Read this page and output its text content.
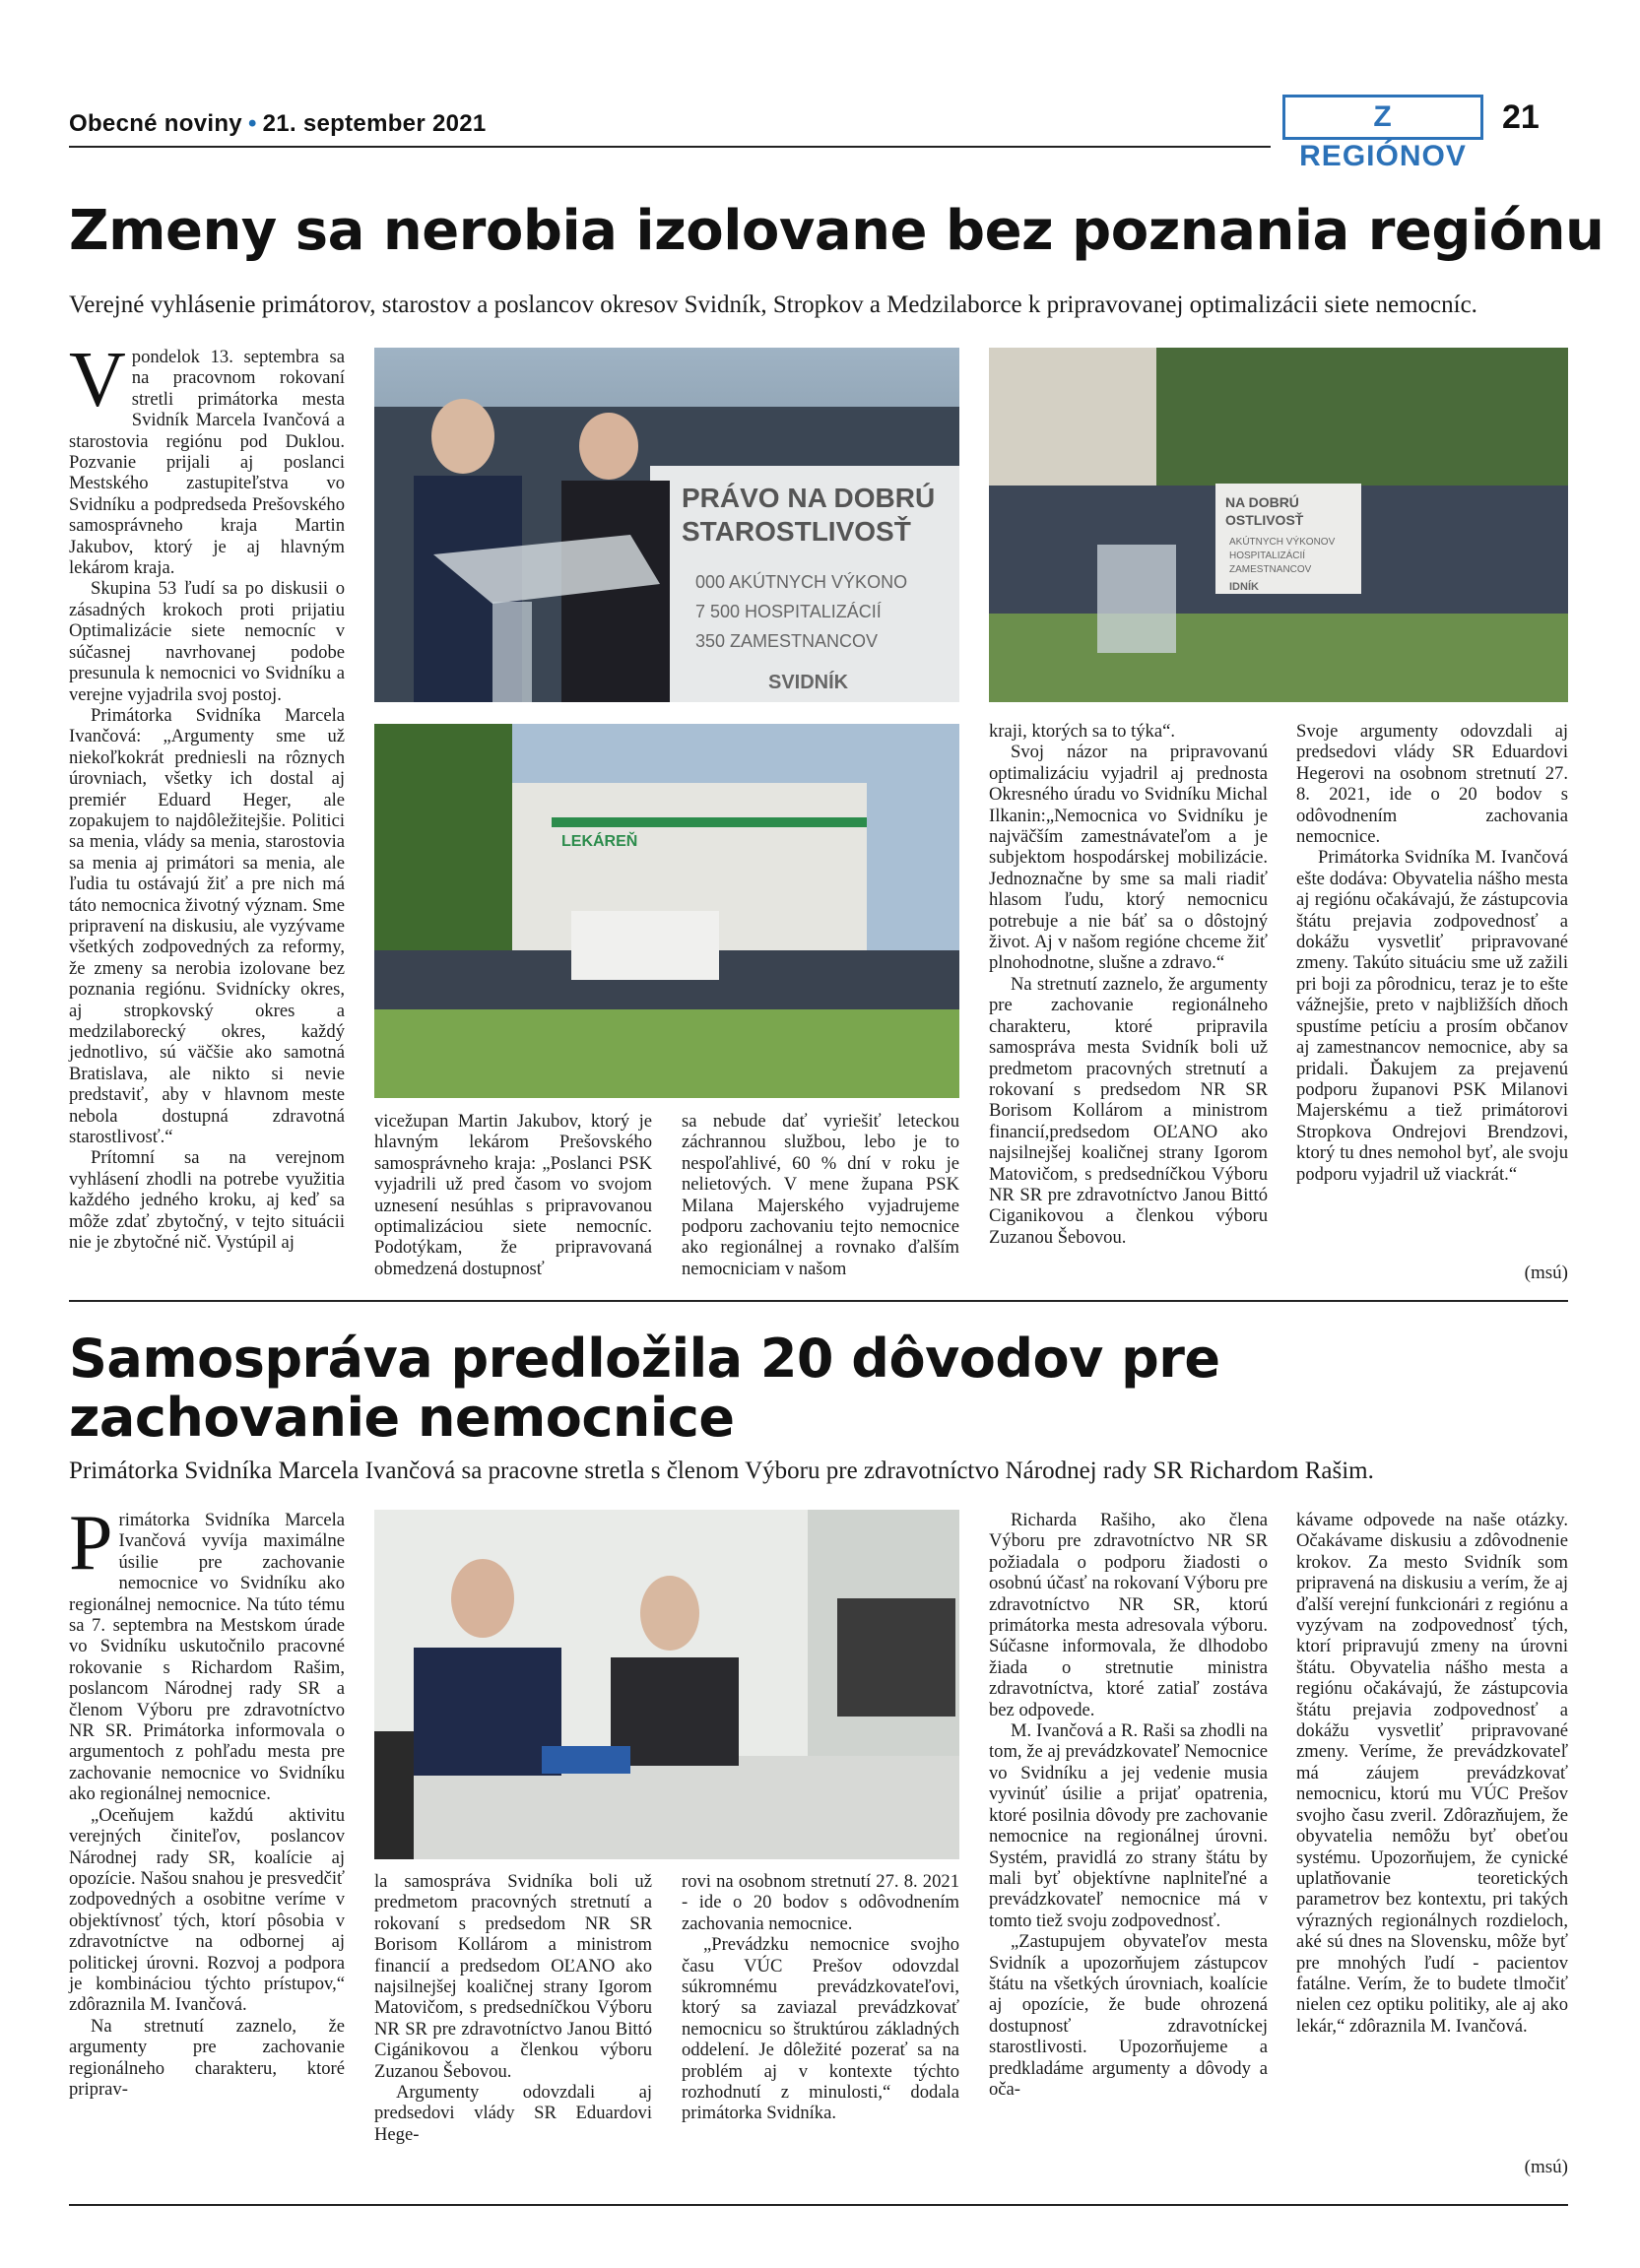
Obecné noviny • 21. september 2021	Z REGIÓNOV
21
Zmeny sa nerobia izolovane bez poznania regiónu
Verejné vyhlásenie primátorov, starostov a poslancov okresov Svidník, Stropkov a Medzilaborce k pripravovanej optimalizácii siete nemocníc.
V pondelok 13. septembra sa na pracovnom rokovaní stretli primátorka mesta Svidník Marcela Ivančová a starostovia regiónu pod Duklou. Pozvanie prijali aj poslanci Mestského zastupiteľstva vo Svidníku a podpredseda Prešovského samosprávneho kraja Martin Jakubov, ktorý je aj hlavným lekárom kraja.

Skupina 53 ľudí sa po diskusii o zásadných krokoch proti prijatiu Optimalizácie siete nemocníc v súčasnej navrhovanej podobe presunula k nemocnici vo Svidníku a verejne vyjadrila svoj postoj.

Primátorka Svidníka Marcela Ivančová: „Argumenty sme už niekoľkokrát predniesli na rôznych úrovniach, všetky ich dostal aj premiér Eduard Heger, ale zopakujem to najdôležitejšie. Politici sa menia, vlády sa menia, starostovia sa menia aj primátori sa menia, ale ľudia tu ostávajú žiť a pre nich má táto nemocnica životný význam. Sme pripravení na diskusiu, ale vyzývame všetkých zodpovedných za reformy, že zmeny sa nerobia izolovane bez poznania regiónu. Svidnícky okres, aj stropkovský okres a medzilaborecký okres, každý jednotlivo, sú väčšie ako samotná Bratislava, ale nikto si nevie predstaviť, aby v hlavnom meste nebola dostupná zdravotná starostlivosť.“

Prítomní sa na verejnom vyhlásení zhodli na potrebe využitia každého jedného kroku, aj keď sa môže zdať zbytočný, v tejto situácii nie je zbytočné nič. Vystúpil aj

PRÁVO NA DOBRÚ
STAROSTLIVOSŤ
000 AKÚTNYCH VÝKONO
7 500 HOSPITALIZÁCIÍ
350 ZAMESTNANCOV
SVIDNÍK
NA DOBRÚ
OSTLIVOSŤ
AKÚTNYCH VÝKONOV
HOSPITALIZÁCIÍ
ZAMESTNANCOV
IDNÍK
LEKÁREŇ

vicežupan Martin Jakubov, ktorý je hlavným lekárom Prešovského samosprávneho kraja: „Poslanci PSK vyjadrili už pred časom vo svojom uznesení nesúhlas s pripravovanou optimalizáciou siete nemocníc. Podotýkam, že pripravovaná obmedzená dostupnosť

sa nebude dať vyriešiť leteckou záchrannou službou, lebo je to nespoľahlivé, 60 % dní v roku je nelietových. V mene župana PSK Milana Majerského vyjadrujeme podporu zachovaniu tejto nemocnice ako regionálnej a rovnako ďalším nemocniciam v našom

kraji, ktorých sa to týka“.

Svoj názor na pripravovanú optimalizáciu vyjadril aj prednosta Okresného úradu vo Svidníku Michal Ilkanin:„Nemocnica vo Svidníku je najväčším zamestnávateľom a je subjektom hospodárskej mobilizácie. Jednoznačne by sme sa mali riadiť hlasom ľudu, ktorý nemocnicu potrebuje a nie báť sa o dôstojný život. Aj v našom regióne chceme žiť plnohodnotne, slušne a zdravo.“

Na stretnutí zaznelo, že argumenty pre zachovanie regionálneho charakteru, ktoré pripravila samospráva mesta Svidník boli už predmetom pracovných stretnutí a rokovaní s predsedom NR SR Borisom Kollárom a ministrom financií,predsedom OĽANO ako najsilnejšej koaličnej strany Igorom Matovičom, s predsedníčkou Výboru NR SR pre zdravotníctvo Janou Bittó Ciganikovou a členkou výboru Zuzanou Šebovou.

Svoje argumenty odovzdali aj predsedovi vlády SR Eduardovi Hegerovi na osobnom stretnutí 27. 8. 2021, ide o 20 bodov s odôvodnením zachovania nemocnice.

Primátorka Svidníka M. Ivančová ešte dodáva: Obyvatelia nášho mesta aj regiónu očakávajú, že zástupcovia štátu prejavia zodpovednosť a dokážu vysvetliť pripravované zmeny. Takúto situáciu sme už zažili pri boji za pôrodnicu, teraz je to ešte vážnejšie, preto v najbližších dňoch spustíme petíciu a prosím občanov aj zamestnancov nemocnice, aby sa pridali. Ďakujem za prejavenú podporu županovi PSK Milanovi Majerskému a tiež primátorovi Stropkova Ondrejovi Brendzovi, ktorý tu dnes nemohol byť, ale svoju podporu vyjadril už viackrát.“

(msú)
Samospráva predložila 20 dôvodov pre zachovanie nemocnice
Primátorka Svidníka Marcela Ivančová sa pracovne stretla s členom Výboru pre zdravotníctvo Národnej rady SR Richardom Rašim.
P rimátorka Svidníka Marcela Ivančová vyvíja maximálne úsilie pre zachovanie nemocnice vo Svidníku ako regionálnej nemocnice. Na túto tému sa 7. septembra na Mestskom úrade vo Svidníku uskutočnilo pracovné rokovanie s Richardom Rašim, poslancom Národnej rady SR a členom Výboru pre zdravotníctvo NR SR. Primátorka informovala o argumentoch z pohľadu mesta pre zachovanie nemocnice vo Svidníku ako regionálnej nemocnice.

„Oceňujem každú aktivitu verejných činiteľov, poslancov Národnej rady SR, koalície aj opozície. Našou snahou je presvedčiť zodpovedných a osobitne veríme v objektívnosť tých, ktorí pôsobia v zdravotníctve na odbornej aj politickej úrovni. Rozvoj a podpora je kombináciou týchto prístupov,“ zdôraznila M. Ivančová.

Na stretnutí zaznelo, že argumenty pre zachovanie regionálneho charakteru, ktoré priprav-

la samospráva Svidníka boli už predmetom pracovných stretnutí a rokovaní s predsedom NR SR Borisom Kollárom a ministrom financií a predsedom OĽANO ako najsilnejšej koaličnej strany Igorom Matovičom, s predsedníčkou Výboru NR SR pre zdravotníctvo Janou Bittó Cigánikovou a členkou výboru Zuzanou Šebovou.

Argumenty odovzdali aj predsedovi vlády SR Eduardovi Hege-

rovi na osobnom stretnutí 27. 8. 2021 - ide o 20 bodov s odôvodnením zachovania nemocnice.

„Prevádzku nemocnice svojho času VÚC Prešov odovzdal súkromnému prevádzkovateľovi, ktorý sa zaviazal prevádzkovať nemocnicu so štruktúrou základných oddelení. Je dôležité pozerať sa na problém aj v kontexte týchto rozhodnutí z minulosti,“ dodala primátorka Svidníka.

Richarda Rašiho, ako člena Výboru pre zdravotníctvo NR SR požiadala o podporu žiadosti o osobnú účasť na rokovaní Výboru pre zdravotníctvo NR SR, ktorú primátorka mesta adresovala výboru. Súčasne informovala, že dlhodobo žiada o stretnutie ministra zdravotníctva, ktoré zatiaľ zostáva bez odpovede.

M. Ivančová a R. Raši sa zhodli na tom, že aj prevádzkovateľ Nemocnice vo Svidníku a jej vedenie musia vyvinúť úsilie a prijať opatrenia, ktoré posilnia dôvody pre zachovanie nemocnice na regionálnej úrovni. Systém, pravidlá zo strany štátu by mali byť objektívne naplniteľné a prevádzkovateľ nemocnice má v tomto tiež svoju zodpovednosť.

„Zastupujem obyvateľov mesta Svidník a upozorňujem zástupcov štátu na všetkých úrovniach, koalície aj opozície, že bude ohrozená dostupnosť zdravotníckej starostlivosti. Upozorňujeme a predkladáme argumenty a dôvody a oča-

kávame odpovede na naše otázky. Očakávame diskusiu a zdôvodnenie krokov. Za mesto Svidník som pripravená na diskusiu a verím, že aj ďalší verejní funkcionári z regiónu a vyzývam na zodpovednosť tých, ktorí pripravujú zmeny na úrovni štátu. Obyvatelia nášho mesta a regiónu očakávajú, že zástupcovia štátu prejavia zodpovednosť a dokážu vysvetliť pripravované zmeny. Veríme, že prevádzkovateľ má záujem prevádzkovať nemocnicu, ktorú mu VÚC Prešov svojho času zveril. Zdôrazňujem, že obyvatelia nemôžu byť obeťou systému. Upozorňujem, že cynické uplatňovanie teoretických parametrov bez kontextu, pri takých výrazných regionálnych rozdieloch, aké sú dnes na Slovensku, môže byť pre mnohých ľudí - pacientov fatálne. Verím, že to budete tlmočiť nielen cez optiku politiky, ale aj ako lekár,“ zdôraznila M. Ivančová.

(msú)
